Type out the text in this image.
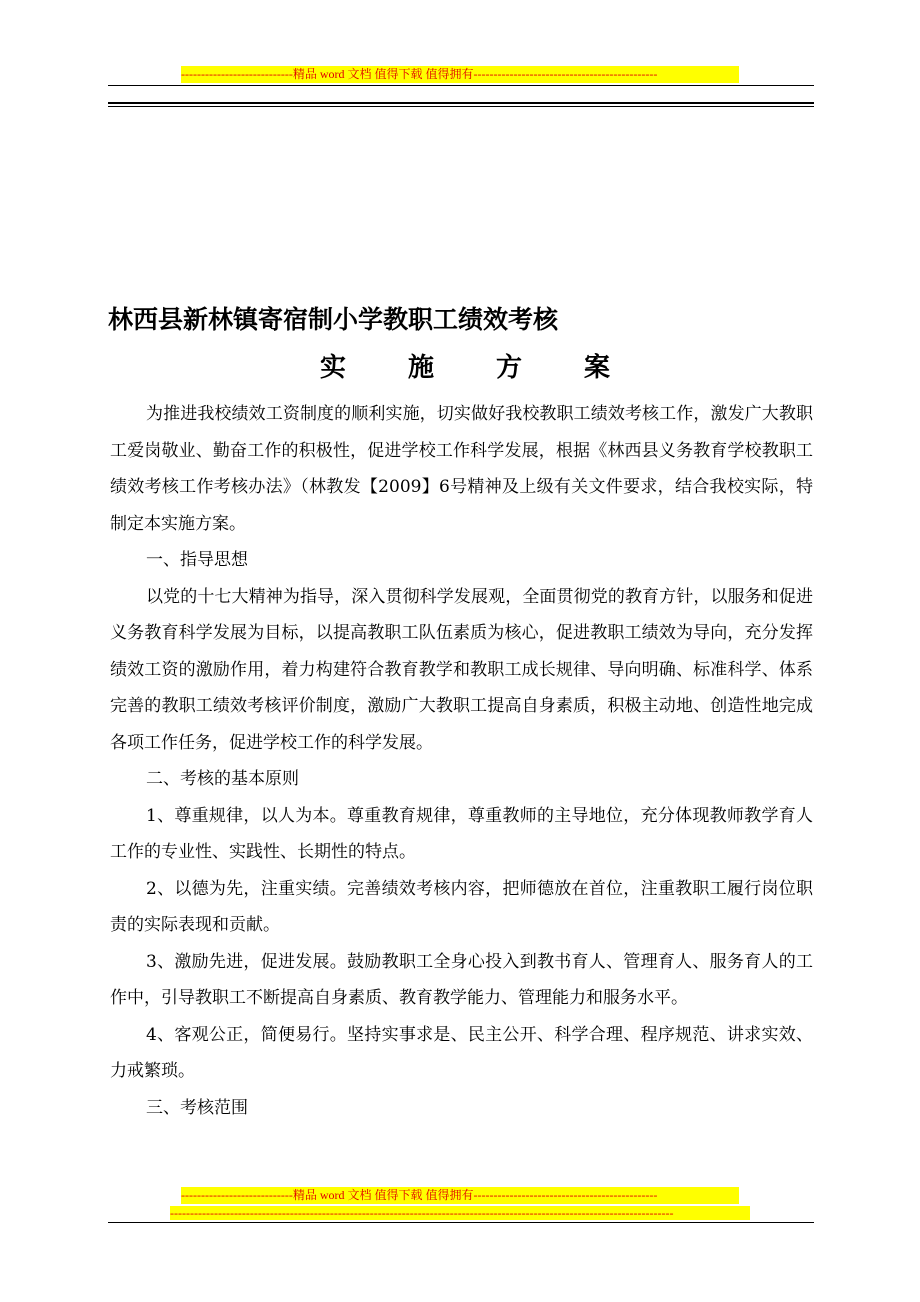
----------------------------精品 word 文档 值得下载 值得拥有----------------------------------------------
林西县新林镇寄宿制小学教职工绩效考核
实 施 方 案

为推进我校绩效工资制度的顺利实施，切实做好我校教职工绩效考核工作，激发广大教职工爱岗敬业、勤奋工作的积极性，促进学校工作科学发展，根据《林西县义务教育学校教职工绩效考核工作考核办法》（林教发【2009】6号精神及上级有关文件要求，结合我校实际，特制定本实施方案。

一、指导思想

以党的十七大精神为指导，深入贯彻科学发展观，全面贯彻党的教育方针，以服务和促进义务教育科学发展为目标，以提高教职工队伍素质为核心，促进教职工绩效为导向，充分发挥绩效工资的激励作用，着力构建符合教育教学和教职工成长规律、导向明确、标准科学、体系完善的教职工绩效考核评价制度，激励广大教职工提高自身素质，积极主动地、创造性地完成各项工作任务，促进学校工作的科学发展。

二、考核的基本原则

1、尊重规律，以人为本。尊重教育规律，尊重教师的主导地位，充分体现教师教学育人工作的专业性、实践性、长期性的特点。

2、以德为先，注重实绩。完善绩效考核内容，把师德放在首位，注重教职工履行岗位职责的实际表现和贡献。

3、激励先进，促进发展。鼓励教职工全身心投入到教书育人、管理育人、服务育人的工作中，引导教职工不断提高自身素质、教育教学能力、管理能力和服务水平。

4、客观公正，简便易行。坚持实事求是、民主公开、科学合理、程序规范、讲求实效、力戒繁琐。

三、考核范围

----------------------------精品 word 文档 值得下载 值得拥有----------------------------------------------
------------------------------------------------------------------------------------------------------------------------------
